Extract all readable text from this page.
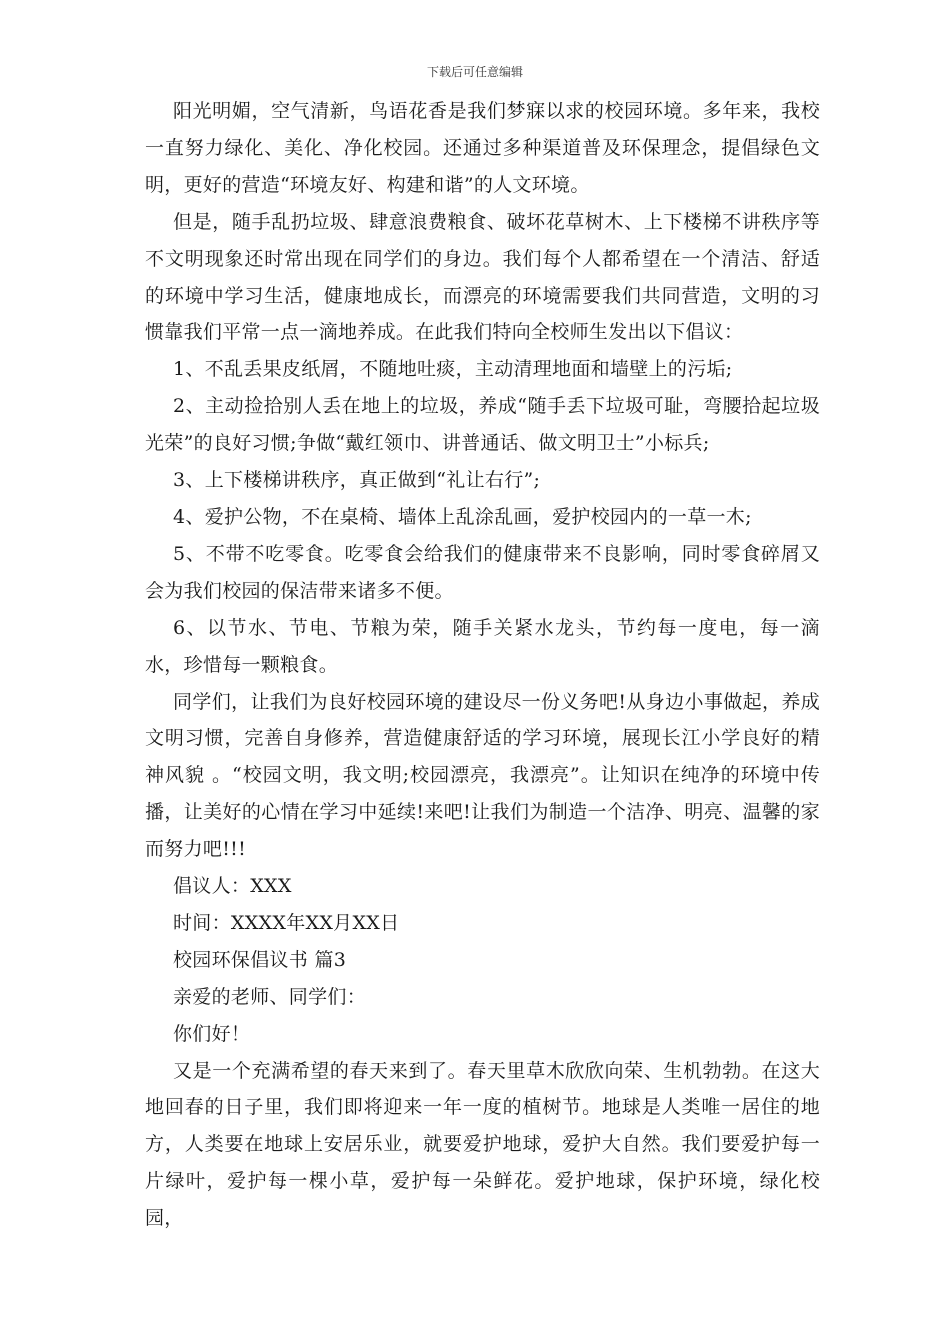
下载后可任意编辑

阳光明媚，空气清新，鸟语花香是我们梦寐以求的校园环境。多年来，我校一直努力绿化、美化、净化校园。还通过多种渠道普及环保理念，提倡绿色文明，更好的营造“环境友好、构建和谐”的人文环境。

但是，随手乱扔垃圾、肆意浪费粮食、破坏花草树木、上下楼梯不讲秩序等不文明现象还时常出现在同学们的身边。我们每个人都希望在一个清洁、舒适的环境中学习生活，健康地成长，而漂亮的环境需要我们共同营造，文明的习惯靠我们平常一点一滴地养成。在此我们特向全校师生发出以下倡议：

1、不乱丢果皮纸屑，不随地吐痰，主动清理地面和墙壁上的污垢;

2、主动捡拾别人丢在地上的垃圾，养成“随手丢下垃圾可耻，弯腰拾起垃圾光荣”的良好习惯;争做“戴红领巾、讲普通话、做文明卫士”小标兵;

3、上下楼梯讲秩序，真正做到“礼让右行”;

4、爱护公物，不在桌椅、墙体上乱涂乱画，爱护校园内的一草一木;

5、不带不吃零食。吃零食会给我们的健康带来不良影响，同时零食碎屑又会为我们校园的保洁带来诸多不便。

6、以节水、节电、节粮为荣，随手关紧水龙头，节约每一度电，每一滴水，珍惜每一颗粮食。

同学们，让我们为良好校园环境的建设尽一份义务吧!从身边小事做起，养成文明习惯，完善自身修养，营造健康舒适的学习环境，展现长江小学良好的精神风貌 。“校园文明，我文明;校园漂亮，我漂亮”。让知识在纯净的环境中传播，让美好的心情在学习中延续!来吧!让我们为制造一个洁净、明亮、温馨的家而努力吧!!!

倡议人：XXX

时间：XXXX年XX月XX日

校园环保倡议书 篇3

亲爱的老师、同学们：

你们好！

又是一个充满希望的春天来到了。春天里草木欣欣向荣、生机勃勃。在这大地回春的日子里，我们即将迎来一年一度的植树节。地球是人类唯一居住的地方，人类要在地球上安居乐业，就要爱护地球，爱护大自然。我们要爱护每一片绿叶，爱护每一棵小草，爱护每一朵鲜花。爱护地球，保护环境，绿化校园，
